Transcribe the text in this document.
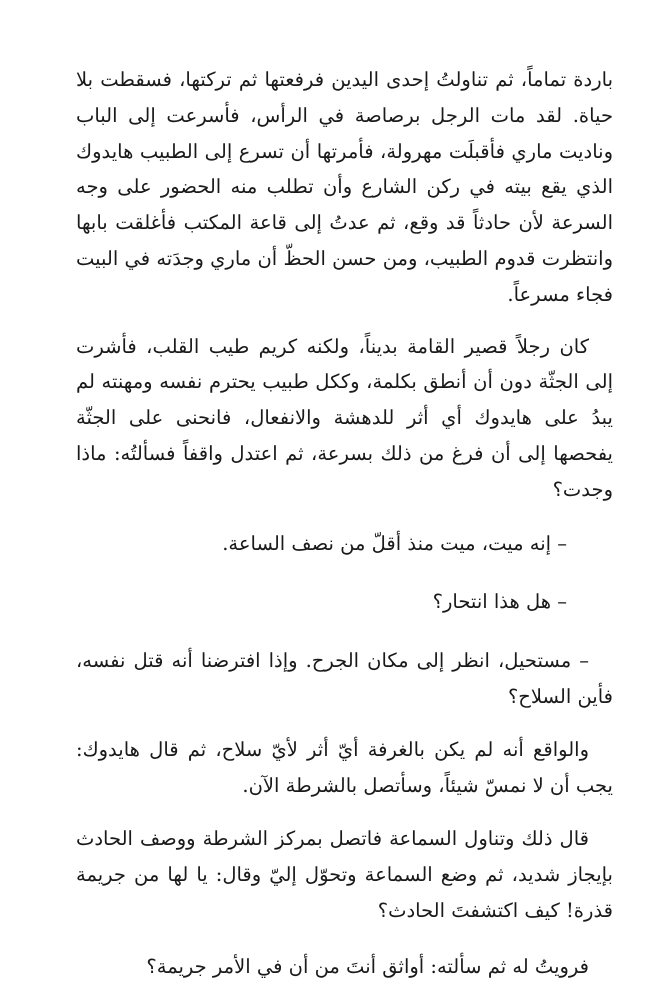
باردة تماماً، ثم تناولتُ إحدى اليدين فرفعتها ثم تركتها، فسقطت بلا حياة. لقد مات الرجل برصاصة في الرأس، فأسرعت إلى الباب وناديت ماري فأقبلَت مهرولة، فأمرتها أن تسرع إلى الطبيب هايدوك الذي يقع بيته في ركن الشارع وأن تطلب منه الحضور على وجه السرعة لأن حادثاً قد وقع، ثم عدتُ إلى قاعة المكتب فأغلقت بابها وانتظرت قدوم الطبيب، ومن حسن الحظّ أن ماري وجدَته في البيت فجاء مسرعاً.

كان رجلاً قصير القامة بديناً، ولكنه كريم طيب القلب، فأشرت إلى الجثّة دون أن أنطق بكلمة، وككل طبيب يحترم نفسه ومهنته لم يبدُ على هايدوك أي أثر للدهشة والانفعال، فانحنى على الجثّة يفحصها إلى أن فرغ من ذلك بسرعة، ثم اعتدل واقفاً فسألتُه: ماذا وجدت؟

– إنه ميت، ميت منذ أقلّ من نصف الساعة.

– هل هذا انتحار؟

– مستحيل، انظر إلى مكان الجرح. وإذا افترضنا أنه قتل نفسه، فأين السلاح؟

والواقع أنه لم يكن بالغرفة أيّ أثر لأيّ سلاح، ثم قال هايدوك: يجب أن لا نمسّ شيئاً، وسأتصل بالشرطة الآن.

قال ذلك وتناول السماعة فاتصل بمركز الشرطة ووصف الحادث بإيجاز شديد، ثم وضع السماعة وتحوّل إليّ وقال: يا لها من جريمة قذرة! كيف اكتشفتَ الحادث؟

فرويتُ له ثم سألته: أواثق أنتَ من أن في الأمر جريمة؟
